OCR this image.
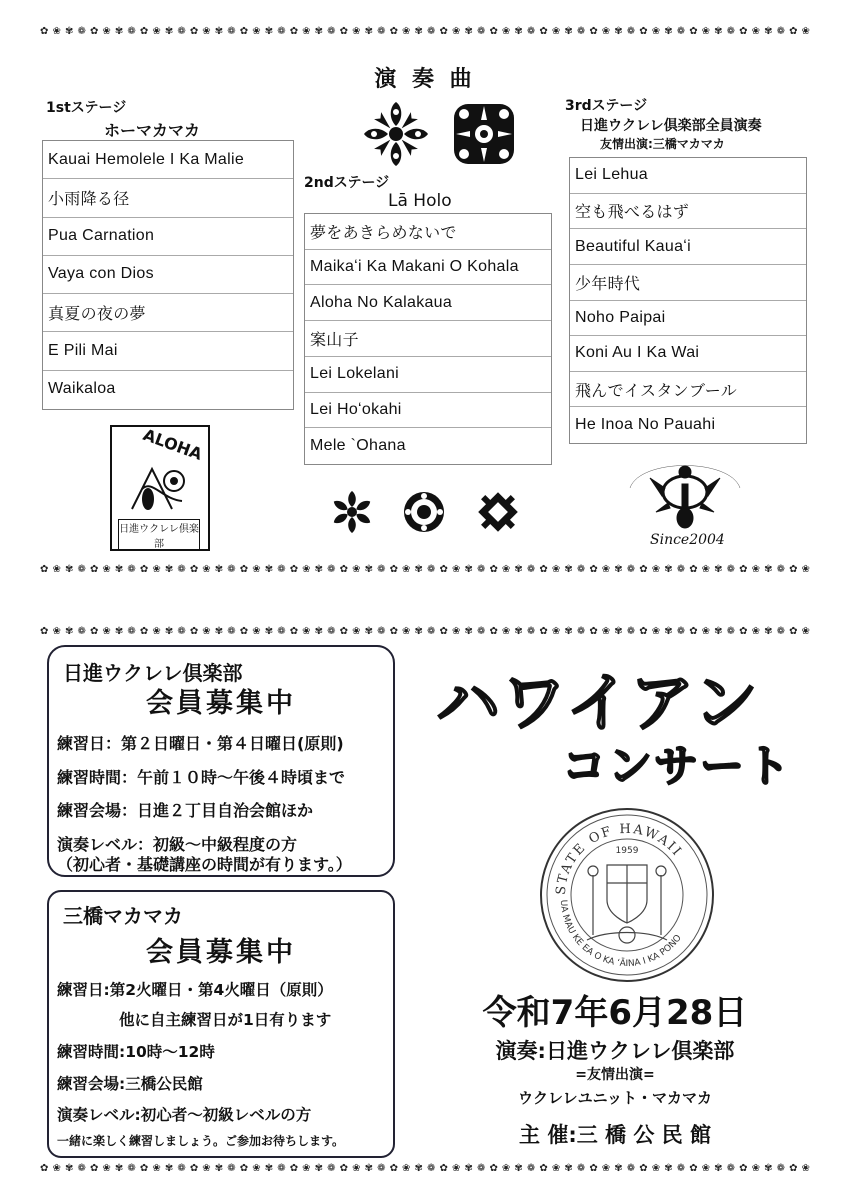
✿ ❀ ✾ ❁ ✿ ❀ ✾ ❁ ✿ ❀ ✾ ❁ ✿ ❀ ✾ ❁ ✿ ❀ ✾ ❁ ✿ ❀ ✾ ❁ ✿ ❀ ✾ ❁ ✿ ❀ ✾ ❁ ✿ ❀ ✾ ❁ ✿ ❀ ✾ ❁ ✿ ❀ ✾ ❁ ✿ ❀ ✾ ❁ ✿ ❀ ✾ ❁ ✿ ❀ ✾ ❁ ✿ ❀ ✾ ❁ ✿ ❀
✿ ❀ ✾ ❁ ✿ ❀ ✾ ❁ ✿ ❀ ✾ ❁ ✿ ❀ ✾ ❁ ✿ ❀ ✾ ❁ ✿ ❀ ✾ ❁ ✿ ❀ ✾ ❁ ✿ ❀ ✾ ❁ ✿ ❀ ✾ ❁ ✿ ❀ ✾ ❁ ✿ ❀ ✾ ❁ ✿ ❀ ✾ ❁ ✿ ❀ ✾ ❁ ✿ ❀ ✾ ❁ ✿ ❀ ✾ ❁ ✿ ❀
✿ ❀ ✾ ❁ ✿ ❀ ✾ ❁ ✿ ❀ ✾ ❁ ✿ ❀ ✾ ❁ ✿ ❀ ✾ ❁ ✿ ❀ ✾ ❁ ✿ ❀ ✾ ❁ ✿ ❀ ✾ ❁ ✿ ❀ ✾ ❁ ✿ ❀ ✾ ❁ ✿ ❀ ✾ ❁ ✿ ❀ ✾ ❁ ✿ ❀ ✾ ❁ ✿ ❀ ✾ ❁ ✿ ❀ ✾ ❁ ✿ ❀
✿ ❀ ✾ ❁ ✿ ❀ ✾ ❁ ✿ ❀ ✾ ❁ ✿ ❀ ✾ ❁ ✿ ❀ ✾ ❁ ✿ ❀ ✾ ❁ ✿ ❀ ✾ ❁ ✿ ❀ ✾ ❁ ✿ ❀ ✾ ❁ ✿ ❀ ✾ ❁ ✿ ❀ ✾ ❁ ✿ ❀ ✾ ❁ ✿ ❀ ✾ ❁ ✿ ❀ ✾ ❁ ✿ ❀ ✾ ❁ ✿ ❀
演 奏 曲
1stステージ
ホーマカマカ
Kauai Hemolele I Ka Malie
小雨降る径
Pua Carnation
Vaya con Dios
真夏の夜の夢
E Pili Mai
Waikaloa
2ndステージ
Lā Holo
夢をあきらめないで
Maikaʻi Ka Makani O Kohala
Aloha No Kalakaua
案山子
Lei Lokelani
Lei Hoʻokahi
Mele `Ohana
3rdステージ
日進ウクレレ倶楽部全員演奏
友情出演:三橋マカマカ
Lei Lehua
空も飛べるはず
Beautiful Kauaʻi
少年時代
Noho Paipai
Koni Au I Ka Wai
飛んでイスタンブール
He Inoa No Pauahi
ALOHA
日進ウクレレ倶楽部	Since2004
日進ウクレレ倶楽部
会員募集中
練習日：第２日曜日・第４日曜日(原則)
練習時間：午前１０時～午後４時頃まで
練習会場：日進２丁目自治会館ほか
演奏レベル：初級～中級程度の方
（初心者・基礎講座の時間が有ります。）
三橋マカマカ
会員募集中
練習日:第2火曜日・第4火曜日（原則）
他に自主練習日が1日有ります
練習時間:10時～12時
練習会場:三橋公民館
演奏レベル:初心者～初級レベルの方
一緒に楽しく練習しましょう。ご参加お待ちします。
ハワイアン
コンサート
STATE OF HAWAII
UA MAU KE EA O KA ʻĀINA I KA PONO
1959
令和7年6月28日
演奏:日進ウクレレ倶楽部
=友情出演=
ウクレレユニット・マカマカ
主 催:三 橋 公 民 館
